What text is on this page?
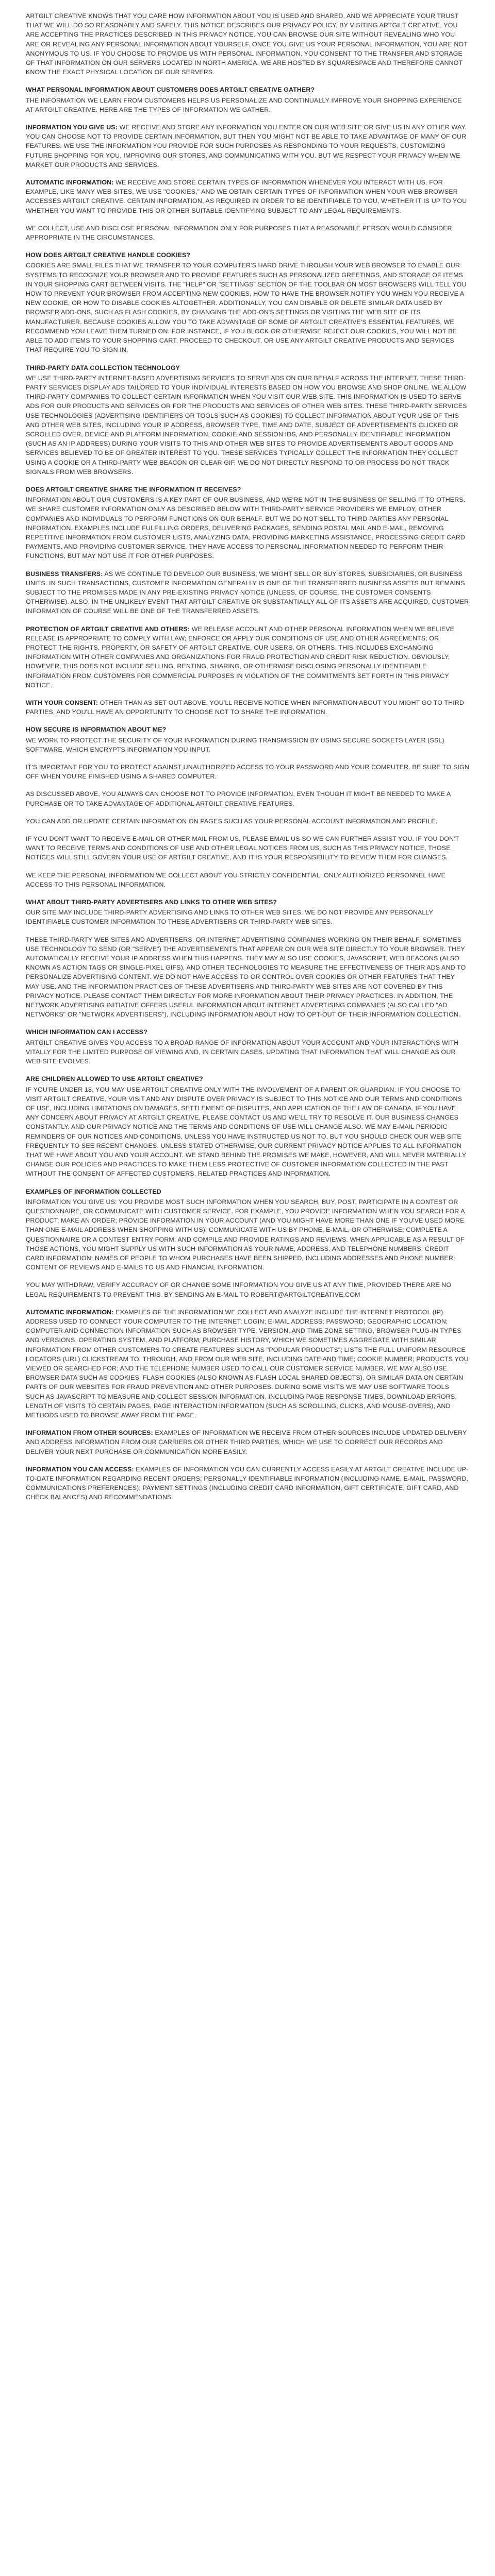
ARTGILT CREATIVE KNOWS THAT YOU CARE HOW INFORMATION ABOUT YOU IS USED AND SHARED, AND WE APPRECIATE YOUR TRUST THAT WE WILL DO SO REASONABLY AND SAFELY. THIS NOTICE DESCRIBES OUR PRIVACY POLICY. BY VISITING ARTGILT CREATIVE, YOU ARE ACCEPTING THE PRACTICES DESCRIBED IN THIS PRIVACY NOTICE. YOU CAN BROWSE OUR SITE WITHOUT REVEALING WHO YOU ARE OR REVEALING ANY PERSONAL INFORMATION ABOUT YOURSELF. ONCE YOU GIVE US YOUR PERSONAL INFORMATION, YOU ARE NOT ANONYMOUS TO US. IF YOU CHOOSE TO PROVIDE US WITH PERSONAL INFORMATION, YOU CONSENT TO THE TRANSFER AND STORAGE OF THAT INFORMATION ON OUR SERVERS LOCATED IN NORTH AMERICA. WE ARE HOSTED BY SQUARESPACE AND THEREFORE CANNOT KNOW THE EXACT PHYSICAL LOCATION OF OUR SERVERS.

WHAT PERSONAL INFORMATION ABOUT CUSTOMERS DOES ARTGILT CREATIVE GATHER?

THE INFORMATION WE LEARN FROM CUSTOMERS HELPS US PERSONALIZE AND CONTINUALLY IMPROVE YOUR SHOPPING EXPERIENCE AT ARTGILT CREATIVE. HERE ARE THE TYPES OF INFORMATION WE GATHER.

INFORMATION YOU GIVE US: WE RECEIVE AND STORE ANY INFORMATION YOU ENTER ON OUR WEB SITE OR GIVE US IN ANY OTHER WAY. YOU CAN CHOOSE NOT TO PROVIDE CERTAIN INFORMATION, BUT THEN YOU MIGHT NOT BE ABLE TO TAKE ADVANTAGE OF MANY OF OUR FEATURES. WE USE THE INFORMATION YOU PROVIDE FOR SUCH PURPOSES AS RESPONDING TO YOUR REQUESTS, CUSTOMIZING FUTURE SHOPPING FOR YOU, IMPROVING OUR STORES, AND COMMUNICATING WITH YOU. BUT WE RESPECT YOUR PRIVACY WHEN WE MARKET OUR PRODUCTS AND SERVICES.

AUTOMATIC INFORMATION: WE RECEIVE AND STORE CERTAIN TYPES OF INFORMATION WHENEVER YOU INTERACT WITH US. FOR EXAMPLE, LIKE MANY WEB SITES, WE USE "COOKIES," AND WE OBTAIN CERTAIN TYPES OF INFORMATION WHEN YOUR WEB BROWSER ACCESSES ARTGILT CREATIVE. CERTAIN INFORMATION, AS REQUIRED IN ORDER TO BE IDENTIFIABLE TO YOU, WHETHER IT IS UP TO YOU WHETHER YOU WANT TO PROVIDE THIS OR OTHER SUITABLE IDENTIFYING SUBJECT TO ANY LEGAL REQUIREMENTS.

WE COLLECT, USE AND DISCLOSE PERSONAL INFORMATION ONLY FOR PURPOSES THAT A REASONABLE PERSON WOULD CONSIDER APPROPRIATE IN THE CIRCUMSTANCES.

HOW DOES ARTGILT CREATIVE HANDLE COOKIES?

COOKIES ARE SMALL FILES THAT WE TRANSFER TO YOUR COMPUTER'S HARD DRIVE THROUGH YOUR WEB BROWSER TO ENABLE OUR SYSTEMS TO RECOGNIZE YOUR BROWSER AND TO PROVIDE FEATURES SUCH AS PERSONALIZED GREETINGS, AND STORAGE OF ITEMS IN YOUR SHOPPING CART BETWEEN VISITS. THE "HELP" OR "SETTINGS" SECTION OF THE TOOLBAR ON MOST BROWSERS WILL TELL YOU HOW TO PREVENT YOUR BROWSER FROM ACCEPTING NEW COOKIES, HOW TO HAVE THE BROWSER NOTIFY YOU WHEN YOU RECEIVE A NEW COOKIE, OR HOW TO DISABLE COOKIES ALTOGETHER. ADDITIONALLY, YOU CAN DISABLE OR DELETE SIMILAR DATA USED BY BROWSER ADD-ONS, SUCH AS FLASH COOKIES, BY CHANGING THE ADD-ON'S SETTINGS OR VISITING THE WEB SITE OF ITS MANUFACTURER. BECAUSE COOKIES ALLOW YOU TO TAKE ADVANTAGE OF SOME OF ARTGILT CREATIVE'S ESSENTIAL FEATURES, WE RECOMMEND YOU LEAVE THEM TURNED ON. FOR INSTANCE, IF YOU BLOCK OR OTHERWISE REJECT OUR COOKIES, YOU WILL NOT BE ABLE TO ADD ITEMS TO YOUR SHOPPING CART, PROCEED TO CHECKOUT, OR USE ANY ARTGILT CREATIVE PRODUCTS AND SERVICES THAT REQUIRE YOU TO SIGN IN.

THIRD-PARTY DATA COLLECTION TECHNOLOGY

WE USE THIRD-PARTY INTERNET-BASED ADVERTISING SERVICES TO SERVE ADS ON OUR BEHALF ACROSS THE INTERNET. THESE THIRD-PARTY SERVICES DISPLAY ADS TAILORED TO YOUR INDIVIDUAL INTERESTS BASED ON HOW YOU BROWSE AND SHOP ONLINE. WE ALLOW THIRD-PARTY COMPANIES TO COLLECT CERTAIN INFORMATION WHEN YOU VISIT OUR WEB SITE. THIS INFORMATION IS USED TO SERVE ADS FOR OUR PRODUCTS AND SERVICES OR FOR THE PRODUCTS AND SERVICES OF OTHER WEB SITES. THESE THIRD-PARTY SERVICES USE TECHNOLOGIES (ADVERTISING IDENTIFIERS OR TOOLS SUCH AS COOKIES) TO COLLECT INFORMATION ABOUT YOUR USE OF THIS AND OTHER WEB SITES, INCLUDING YOUR IP ADDRESS, BROWSER TYPE, TIME AND DATE, SUBJECT OF ADVERTISEMENTS CLICKED OR SCROLLED OVER, DEVICE AND PLATFORM INFORMATION, COOKIE AND SESSION IDS, AND PERSONALLY IDENTIFIABLE INFORMATION (SUCH AS AN IP ADDRESS) DURING YOUR VISITS TO THIS AND OTHER WEB SITES TO PROVIDE ADVERTISEMENTS ABOUT GOODS AND SERVICES BELIEVED TO BE OF GREATER INTEREST TO YOU. THESE SERVICES TYPICALLY COLLECT THE INFORMATION THEY COLLECT USING A COOKIE OR A THIRD-PARTY WEB BEACON OR CLEAR GIF. WE DO NOT DIRECTLY RESPOND TO OR PROCESS DO NOT TRACK SIGNALS FROM WEB BROWSERS.

DOES ARTGILT CREATIVE SHARE THE INFORMATION IT RECEIVES?

INFORMATION ABOUT OUR CUSTOMERS IS A KEY PART OF OUR BUSINESS, AND WE'RE NOT IN THE BUSINESS OF SELLING IT TO OTHERS. WE SHARE CUSTOMER INFORMATION ONLY AS DESCRIBED BELOW WITH THIRD-PARTY SERVICE PROVIDERS WE EMPLOY, OTHER COMPANIES AND INDIVIDUALS TO PERFORM FUNCTIONS ON OUR BEHALF. BUT WE DO NOT SELL TO THIRD PARTIES ANY PERSONAL INFORMATION. EXAMPLES INCLUDE FULFILLING ORDERS, DELIVERING PACKAGES, SENDING POSTAL MAIL AND E-MAIL, REMOVING REPETITIVE INFORMATION FROM CUSTOMER LISTS, ANALYZING DATA, PROVIDING MARKETING ASSISTANCE, PROCESSING CREDIT CARD PAYMENTS, AND PROVIDING CUSTOMER SERVICE. THEY HAVE ACCESS TO PERSONAL INFORMATION NEEDED TO PERFORM THEIR FUNCTIONS, BUT MAY NOT USE IT FOR OTHER PURPOSES.

BUSINESS TRANSFERS: AS WE CONTINUE TO DEVELOP OUR BUSINESS, WE MIGHT SELL OR BUY STORES, SUBSIDIARIES, OR BUSINESS UNITS. IN SUCH TRANSACTIONS, CUSTOMER INFORMATION GENERALLY IS ONE OF THE TRANSFERRED BUSINESS ASSETS BUT REMAINS SUBJECT TO THE PROMISES MADE IN ANY PRE-EXISTING PRIVACY NOTICE (UNLESS, OF COURSE, THE CUSTOMER CONSENTS OTHERWISE). ALSO, IN THE UNLIKELY EVENT THAT ARTGILT CREATIVE OR SUBSTANTIALLY ALL OF ITS ASSETS ARE ACQUIRED, CUSTOMER INFORMATION OF COURSE WILL BE ONE OF THE TRANSFERRED ASSETS.

PROTECTION OF ARTGILT CREATIVE AND OTHERS: WE RELEASE ACCOUNT AND OTHER PERSONAL INFORMATION WHEN WE BELIEVE RELEASE IS APPROPRIATE TO COMPLY WITH LAW; ENFORCE OR APPLY OUR CONDITIONS OF USE AND OTHER AGREEMENTS; OR PROTECT THE RIGHTS, PROPERTY, OR SAFETY OF ARTGILT CREATIVE, OUR USERS, OR OTHERS. THIS INCLUDES EXCHANGING INFORMATION WITH OTHER COMPANIES AND ORGANIZATIONS FOR FRAUD PROTECTION AND CREDIT RISK REDUCTION. OBVIOUSLY, HOWEVER, THIS DOES NOT INCLUDE SELLING, RENTING, SHARING, OR OTHERWISE DISCLOSING PERSONALLY IDENTIFIABLE INFORMATION FROM CUSTOMERS FOR COMMERCIAL PURPOSES IN VIOLATION OF THE COMMITMENTS SET FORTH IN THIS PRIVACY NOTICE.

WITH YOUR CONSENT: OTHER THAN AS SET OUT ABOVE, YOU'LL RECEIVE NOTICE WHEN INFORMATION ABOUT YOU MIGHT GO TO THIRD PARTIES, AND YOU'LL HAVE AN OPPORTUNITY TO CHOOSE NOT TO SHARE THE INFORMATION.

HOW SECURE IS INFORMATION ABOUT ME?

WE WORK TO PROTECT THE SECURITY OF YOUR INFORMATION DURING TRANSMISSION BY USING SECURE SOCKETS LAYER (SSL) SOFTWARE, WHICH ENCRYPTS INFORMATION YOU INPUT.

IT'S IMPORTANT FOR YOU TO PROTECT AGAINST UNAUTHORIZED ACCESS TO YOUR PASSWORD AND YOUR COMPUTER. BE SURE TO SIGN OFF WHEN YOU'RE FINISHED USING A SHARED COMPUTER.

AS DISCUSSED ABOVE, YOU ALWAYS CAN CHOOSE NOT TO PROVIDE INFORMATION, EVEN THOUGH IT MIGHT BE NEEDED TO MAKE A PURCHASE OR TO TAKE ADVANTAGE OF ADDITIONAL ARTGILT CREATIVE FEATURES.

YOU CAN ADD OR UPDATE CERTAIN INFORMATION ON PAGES SUCH AS YOUR PERSONAL ACCOUNT INFORMATION AND PROFILE.

IF YOU DON'T WANT TO RECEIVE E-MAIL OR OTHER MAIL FROM US, PLEASE EMAIL US SO WE CAN FURTHER ASSIST YOU. IF YOU DON'T WANT TO RECEIVE TERMS AND CONDITIONS OF USE AND OTHER LEGAL NOTICES FROM US, SUCH AS THIS PRIVACY NOTICE, THOSE NOTICES WILL STILL GOVERN YOUR USE OF ARTGILT CREATIVE, AND IT IS YOUR RESPONSIBILITY TO REVIEW THEM FOR CHANGES.

WE KEEP THE PERSONAL INFORMATION WE COLLECT ABOUT YOU STRICTLY CONFIDENTIAL. ONLY AUTHORIZED PERSONNEL HAVE ACCESS TO THIS PERSONAL INFORMATION.

WHAT ABOUT THIRD-PARTY ADVERTISERS AND LINKS TO OTHER WEB SITES?

OUR SITE MAY INCLUDE THIRD-PARTY ADVERTISING AND LINKS TO OTHER WEB SITES. WE DO NOT PROVIDE ANY PERSONALLY IDENTIFIABLE CUSTOMER INFORMATION TO THESE ADVERTISERS OR THIRD-PARTY WEB SITES.

THESE THIRD-PARTY WEB SITES AND ADVERTISERS, OR INTERNET ADVERTISING COMPANIES WORKING ON THEIR BEHALF, SOMETIMES USE TECHNOLOGY TO SEND (OR "SERVE") THE ADVERTISEMENTS THAT APPEAR ON OUR WEB SITE DIRECTLY TO YOUR BROWSER. THEY AUTOMATICALLY RECEIVE YOUR IP ADDRESS WHEN THIS HAPPENS. THEY MAY ALSO USE COOKIES, JAVASCRIPT, WEB BEACONS (ALSO KNOWN AS ACTION TAGS OR SINGLE-PIXEL GIFS), AND OTHER TECHNOLOGIES TO MEASURE THE EFFECTIVENESS OF THEIR ADS AND TO PERSONALIZE ADVERTISING CONTENT. WE DO NOT HAVE ACCESS TO OR CONTROL OVER COOKIES OR OTHER FEATURES THAT THEY MAY USE, AND THE INFORMATION PRACTICES OF THESE ADVERTISERS AND THIRD-PARTY WEB SITES ARE NOT COVERED BY THIS PRIVACY NOTICE. PLEASE CONTACT THEM DIRECTLY FOR MORE INFORMATION ABOUT THEIR PRIVACY PRACTICES. IN ADDITION, THE NETWORK ADVERTISING INITIATIVE OFFERS USEFUL INFORMATION ABOUT INTERNET ADVERTISING COMPANIES (ALSO CALLED "AD NETWORKS" OR "NETWORK ADVERTISERS"), INCLUDING INFORMATION ABOUT HOW TO OPT-OUT OF THEIR INFORMATION COLLECTION.

WHICH INFORMATION CAN I ACCESS?

ARTGILT CREATIVE GIVES YOU ACCESS TO A BROAD RANGE OF INFORMATION ABOUT YOUR ACCOUNT AND YOUR INTERACTIONS WITH VITALLY FOR THE LIMITED PURPOSE OF VIEWING AND, IN CERTAIN CASES, UPDATING THAT INFORMATION THAT WILL CHANGE AS OUR WEB SITE EVOLVES.

ARE CHILDREN ALLOWED TO USE ARTGILT CREATIVE?

IF YOU'RE UNDER 18, YOU MAY USE ARTGILT CREATIVE ONLY WITH THE INVOLVEMENT OF A PARENT OR GUARDIAN. IF YOU CHOOSE TO VISIT ARTGILT CREATIVE, YOUR VISIT AND ANY DISPUTE OVER PRIVACY IS SUBJECT TO THIS NOTICE AND OUR TERMS AND CONDITIONS OF USE, INCLUDING LIMITATIONS ON DAMAGES, SETTLEMENT OF DISPUTES, AND APPLICATION OF THE LAW OF CANADA. IF YOU HAVE ANY CONCERN ABOUT PRIVACY AT ARTGILT CREATIVE, PLEASE CONTACT US AND WE'LL TRY TO RESOLVE IT. OUR BUSINESS CHANGES CONSTANTLY, AND OUR PRIVACY NOTICE AND THE TERMS AND CONDITIONS OF USE WILL CHANGE ALSO. WE MAY E-MAIL PERIODIC REMINDERS OF OUR NOTICES AND CONDITIONS, UNLESS YOU HAVE INSTRUCTED US NOT TO, BUT YOU SHOULD CHECK OUR WEB SITE FREQUENTLY TO SEE RECENT CHANGES. UNLESS STATED OTHERWISE, OUR CURRENT PRIVACY NOTICE APPLIES TO ALL INFORMATION THAT WE HAVE ABOUT YOU AND YOUR ACCOUNT. WE STAND BEHIND THE PROMISES WE MAKE, HOWEVER, AND WILL NEVER MATERIALLY CHANGE OUR POLICIES AND PRACTICES TO MAKE THEM LESS PROTECTIVE OF CUSTOMER INFORMATION COLLECTED IN THE PAST WITHOUT THE CONSENT OF AFFECTED CUSTOMERS, RELATED PRACTICES AND INFORMATION.

EXAMPLES OF INFORMATION COLLECTED

INFORMATION YOU GIVE US: YOU PROVIDE MOST SUCH INFORMATION WHEN YOU SEARCH, BUY, POST, PARTICIPATE IN A CONTEST OR QUESTIONNAIRE, OR COMMUNICATE WITH CUSTOMER SERVICE. FOR EXAMPLE, YOU PROVIDE INFORMATION WHEN YOU SEARCH FOR A PRODUCT; MAKE AN ORDER; PROVIDE INFORMATION IN YOUR ACCOUNT (AND YOU MIGHT HAVE MORE THAN ONE IF YOU'VE USED MORE THAN ONE E-MAIL ADDRESS WHEN SHOPPING WITH US); COMMUNICATE WITH US BY PHONE, E-MAIL, OR OTHERWISE; COMPLETE A QUESTIONNAIRE OR A CONTEST ENTRY FORM; AND COMPILE AND PROVIDE RATINGS AND REVIEWS. WHEN APPLICABLE AS A RESULT OF THOSE ACTIONS, YOU MIGHT SUPPLY US WITH SUCH INFORMATION AS YOUR NAME, ADDRESS, AND TELEPHONE NUMBERS; CREDIT CARD INFORMATION; NAMES OF PEOPLE TO WHOM PURCHASES HAVE BEEN SHIPPED, INCLUDING ADDRESSES AND PHONE NUMBER; CONTENT OF REVIEWS AND E-MAILS TO US AND FINANCIAL INFORMATION.

YOU MAY WITHDRAW, VERIFY ACCURACY OF OR CHANGE SOME INFORMATION YOU GIVE US AT ANY TIME, PROVIDED THERE ARE NO LEGAL REQUIREMENTS TO PREVENT THIS. BY SENDING AN E-MAIL TO ROBERT@ARTGILTCREATIVE.COM

AUTOMATIC INFORMATION: EXAMPLES OF THE INFORMATION WE COLLECT AND ANALYZE INCLUDE THE INTERNET PROTOCOL (IP) ADDRESS USED TO CONNECT YOUR COMPUTER TO THE INTERNET; LOGIN; E-MAIL ADDRESS; PASSWORD; GEOGRAPHIC LOCATION; COMPUTER AND CONNECTION INFORMATION SUCH AS BROWSER TYPE, VERSION, AND TIME ZONE SETTING, BROWSER PLUG-IN TYPES AND VERSIONS, OPERATING SYSTEM, AND PLATFORM; PURCHASE HISTORY, WHICH WE SOMETIMES AGGREGATE WITH SIMILAR INFORMATION FROM OTHER CUSTOMERS TO CREATE FEATURES SUCH AS "POPULAR PRODUCTS"; LISTS THE FULL UNIFORM RESOURCE LOCATORS (URL) CLICKSTREAM TO, THROUGH, AND FROM OUR WEB SITE, INCLUDING DATE AND TIME; COOKIE NUMBER; PRODUCTS YOU VIEWED OR SEARCHED FOR; AND THE TELEPHONE NUMBER USED TO CALL OUR CUSTOMER SERVICE NUMBER. WE MAY ALSO USE BROWSER DATA SUCH AS COOKIES, FLASH COOKIES (ALSO KNOWN AS FLASH LOCAL SHARED OBJECTS), OR SIMILAR DATA ON CERTAIN PARTS OF OUR WEBSITES FOR FRAUD PREVENTION AND OTHER PURPOSES. DURING SOME VISITS WE MAY USE SOFTWARE TOOLS SUCH AS JAVASCRIPT TO MEASURE AND COLLECT SESSION INFORMATION, INCLUDING PAGE RESPONSE TIMES, DOWNLOAD ERRORS, LENGTH OF VISITS TO CERTAIN PAGES, PAGE INTERACTION INFORMATION (SUCH AS SCROLLING, CLICKS, AND MOUSE-OVERS), AND METHODS USED TO BROWSE AWAY FROM THE PAGE.

INFORMATION FROM OTHER SOURCES: EXAMPLES OF INFORMATION WE RECEIVE FROM OTHER SOURCES INCLUDE UPDATED DELIVERY AND ADDRESS INFORMATION FROM OUR CARRIERS OR OTHER THIRD PARTIES, WHICH WE USE TO CORRECT OUR RECORDS AND DELIVER YOUR NEXT PURCHASE OR COMMUNICATION MORE EASILY.

INFORMATION YOU CAN ACCESS: EXAMPLES OF INFORMATION YOU CAN CURRENTLY ACCESS EASILY AT ARTGILT CREATIVE INCLUDE UP-TO-DATE INFORMATION REGARDING RECENT ORDERS; PERSONALLY IDENTIFIABLE INFORMATION (INCLUDING NAME, E-MAIL, PASSWORD, COMMUNICATIONS PREFERENCES); PAYMENT SETTINGS (INCLUDING CREDIT CARD INFORMATION, GIFT CERTIFICATE, GIFT CARD, AND CHECK BALANCES) AND RECOMMENDATIONS.
